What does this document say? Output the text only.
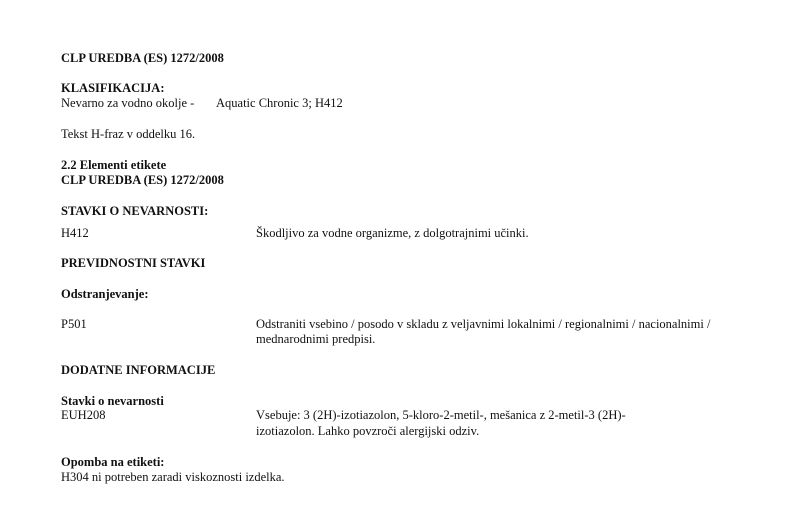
CLP UREDBA (ES) 1272/2008
KLASIFIKACIJA:
Nevarno za vodno okolje - Aquatic Chronic 3; H412
Tekst H-fraz v oddelku 16.
2.2 Elementi etikete
CLP UREDBA (ES) 1272/2008
STAVKI O NEVARNOSTI:
H412	Škodljivo za vodne organizme, z dolgotrajnimi učinki.
PREVIDNOSTNI STAVKI
Odstranjevanje:
P501	Odstraniti vsebino / posodo v skladu z veljavnimi lokalnimi / regionalnimi / nacionalnimi /
mednarodnimi predpisi.
DODATNE INFORMACIJE
Stavki o nevarnosti
EUH208	Vsebuje: 3 (2H)-izotiazolon, 5-kloro-2-metil-, mešanica z 2-metil-3 (2H)-
izotiazolon. Lahko povzroči alergijski odziv.
Opomba na etiketi:
H304 ni potreben zaradi viskoznosti izdelka.
